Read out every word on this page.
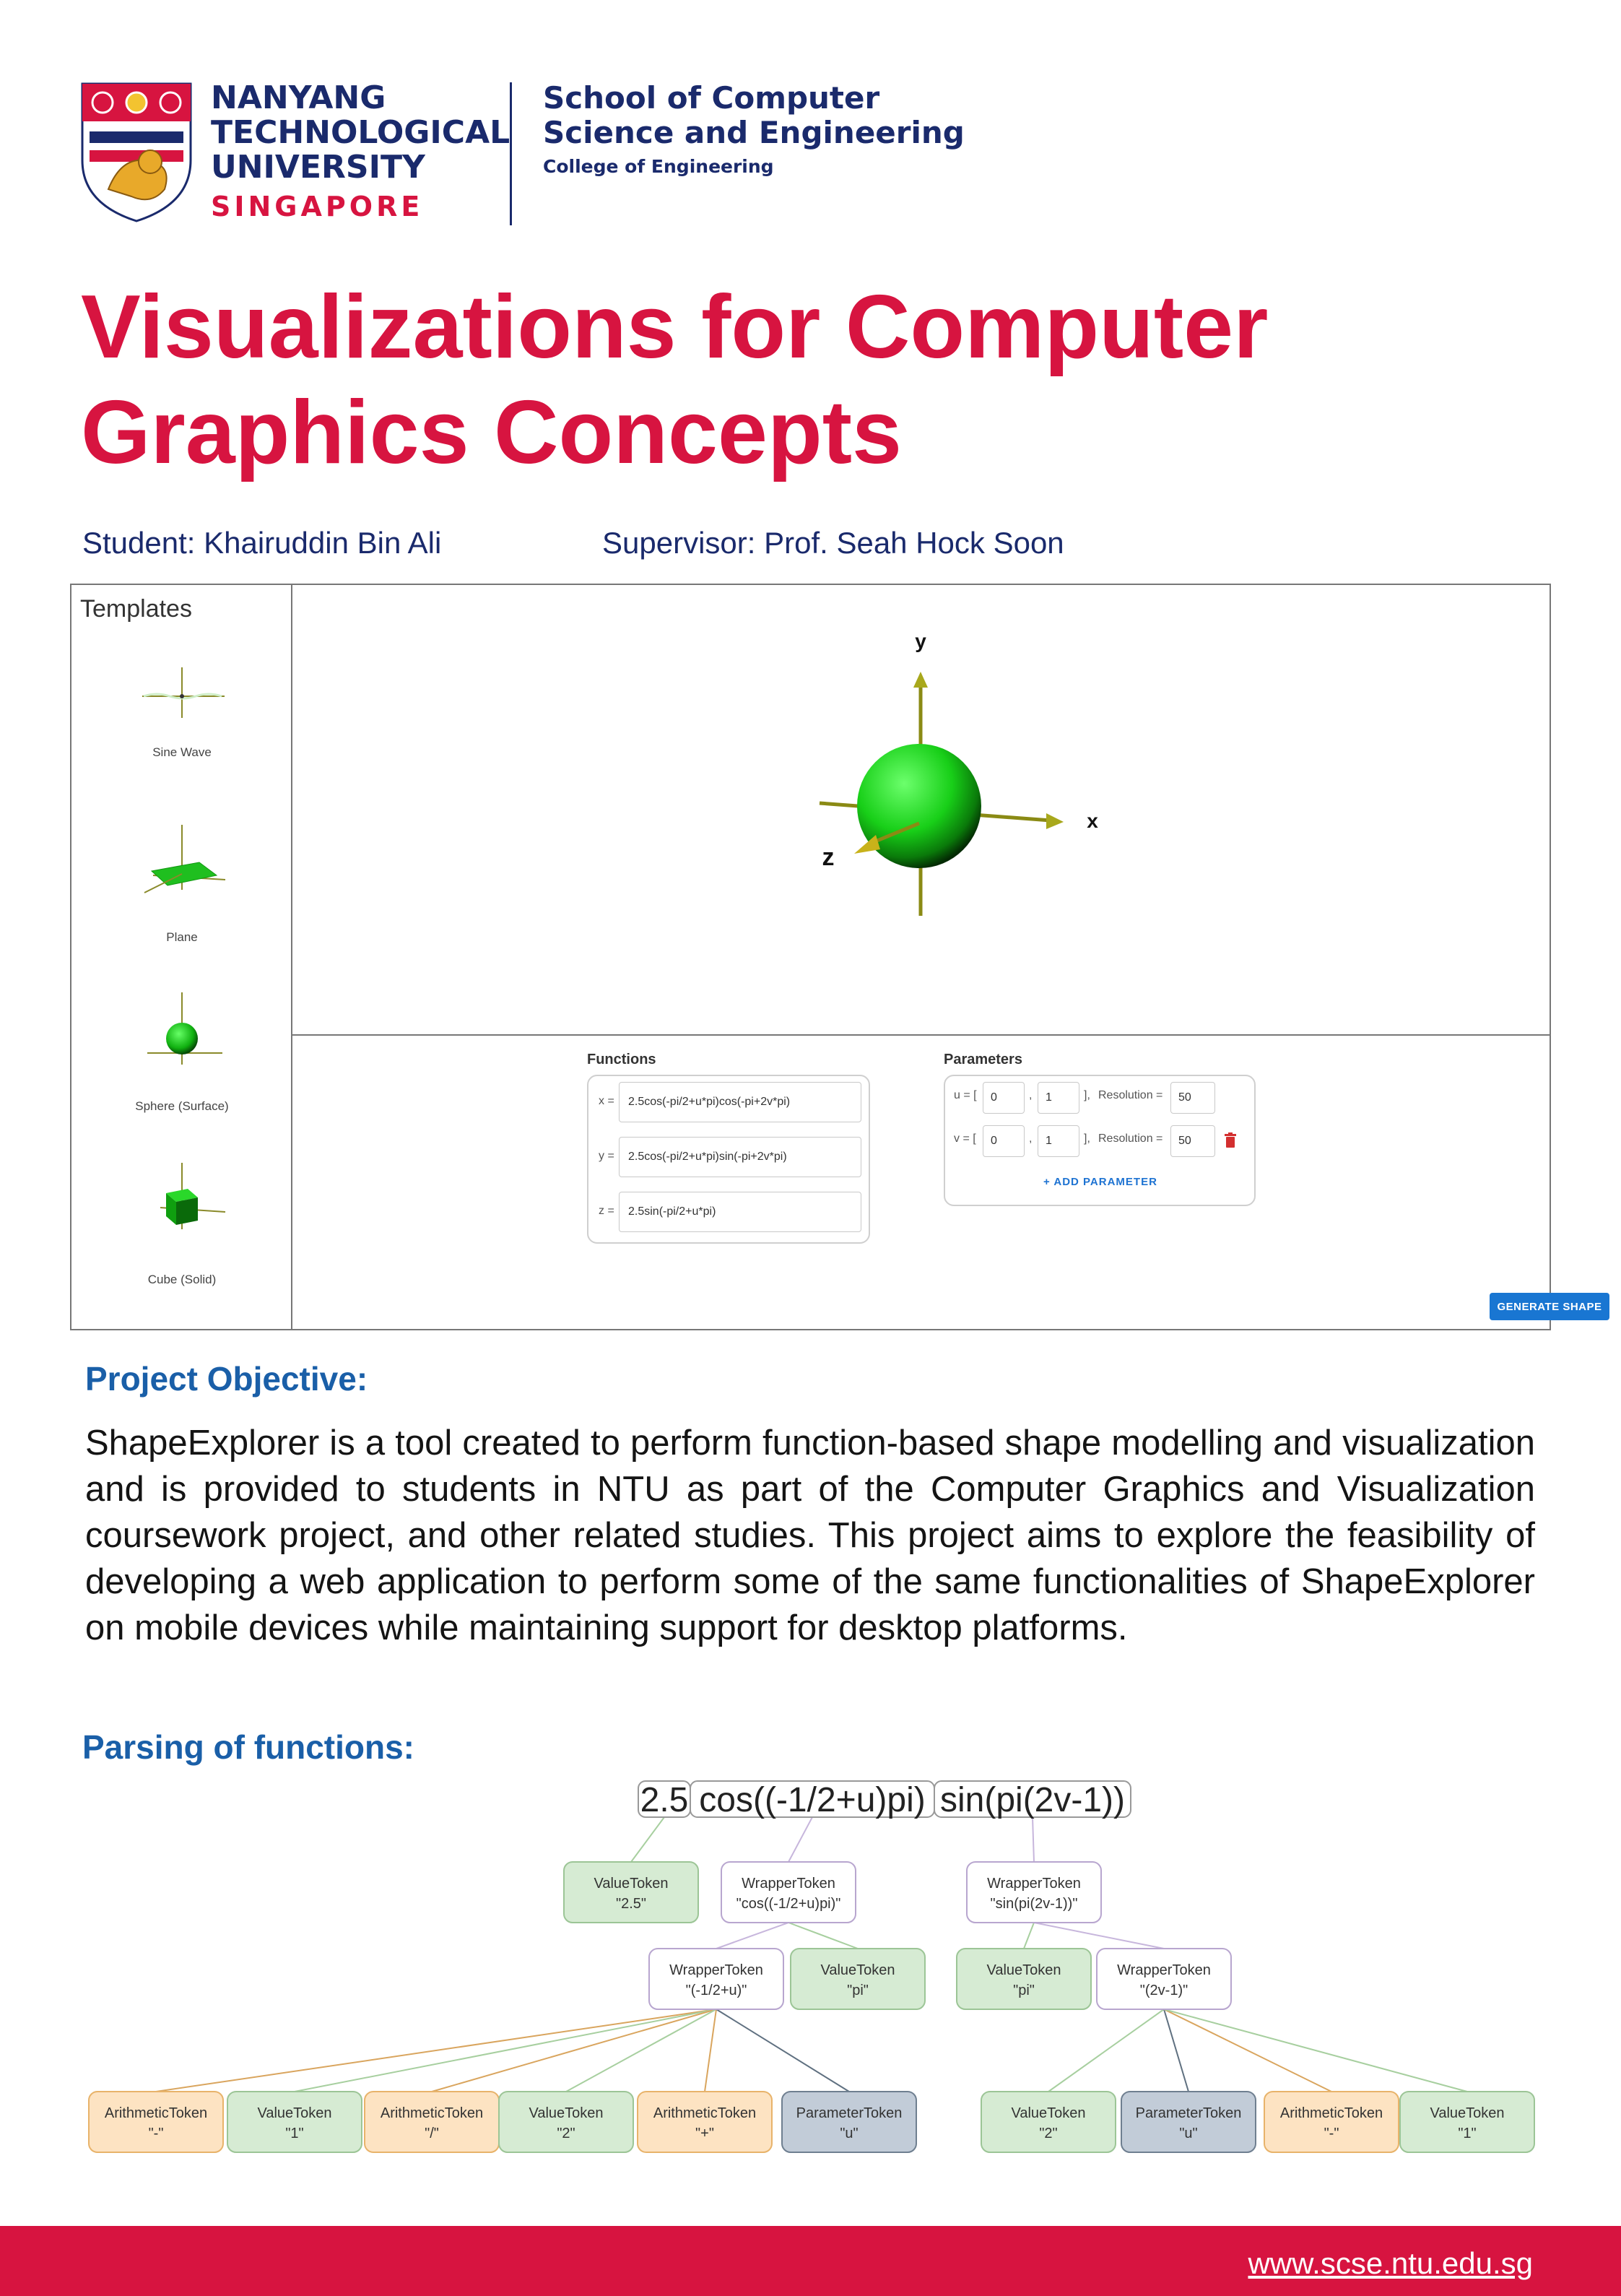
NANYANG
TECHNOLOGICAL
UNIVERSITY
SINGAPORE
School of Computer
Science and Engineering
College of Engineering
Visualizations for Computer
Graphics Concepts
Student: Khairuddin Bin Ali	Supervisor: Prof. Seah Hock Soon
Templates
Sine Wave
Plane
Sphere (Surface)
Cube (Solid)
y
x
z
Functions
x =	2.5cos(-pi/2+u*pi)cos(-pi+2v*pi)
y =	2.5cos(-pi/2+u*pi)sin(-pi+2v*pi)
z =	2.5sin(-pi/2+u*pi)
Parameters
u = [	0	,	1	], Resolution =	50
v = [	0	,	1	], Resolution =	50
+ ADD PARAMETER
GENERATE SHAPE
Project Objective:
ShapeExplorer is a tool created to perform function-based shape modelling and visualization and is provided to students in NTU as part of the Computer Graphics and Visualization coursework project, and other related studies. This project aims to explore the feasibility of developing a web application to perform some of the same functionalities of ShapeExplorer on mobile devices while maintaining support for desktop platforms.
Parsing of functions:
2.5 cos((-1/2+u)pi) sin(pi(2v-1))
ValueToken
"2.5"
WrapperToken
"cos((-1/2+u)pi)"
WrapperToken
"sin(pi(2v-1))"
WrapperToken
"(-1/2+u)"
ValueToken
"pi"
ValueToken
"pi"
WrapperToken
"(2v-1)"
ArithmeticToken
"-"
ValueToken
"1"
ArithmeticToken
"/"
ValueToken
"2"
ArithmeticToken
"+"
ParameterToken
"u"
ValueToken
"2"
ParameterToken
"u"
ArithmeticToken
"-"
ValueToken
"1"
www.scse.ntu.edu.sg
